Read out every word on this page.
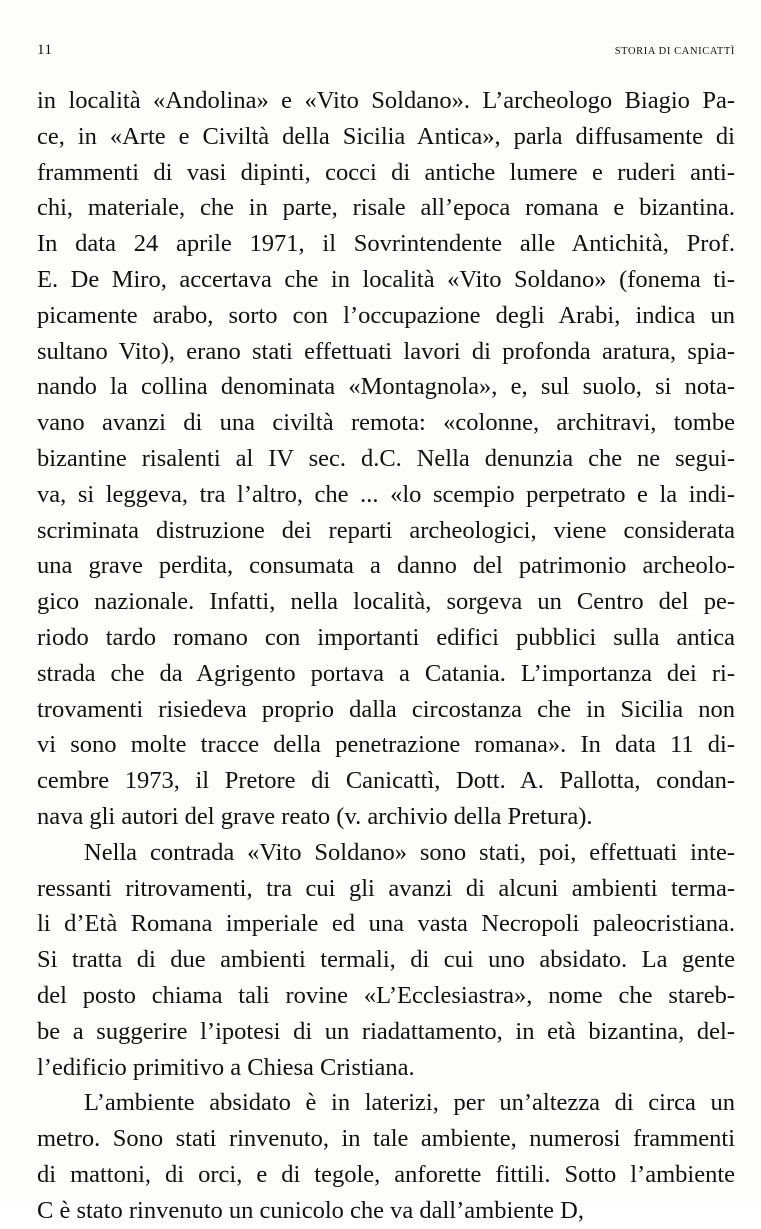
11	STORIA DI CANICATTÌ
in località «Andolina» e «Vito Soldano». L’archeologo Biagio Pa-
ce, in «Arte e Civiltà della Sicilia Antica», parla diffusamente di
frammenti di vasi dipinti, cocci di antiche lumere e ruderi anti-
chi, materiale, che in parte, risale all’epoca romana e bizantina.
In data 24 aprile 1971, il Sovrintendente alle Antichità, Prof.
E. De Miro, accertava che in località «Vito Soldano» (fonema ti-
picamente arabo, sorto con l’occupazione degli Arabi, indica un
sultano Vito), erano stati effettuati lavori di profonda aratura, spia-
nando la collina denominata «Montagnola», e, sul suolo, si nota-
vano avanzi di una civiltà remota: «colonne, architravi, tombe
bizantine risalenti al IV sec. d.C. Nella denunzia che ne segui-
va, si leggeva, tra l’altro, che ... «lo scempio perpetrato e la indi-
scriminata distruzione dei reparti archeologici, viene considerata
una grave perdita, consumata a danno del patrimonio archeolo-
gico nazionale. Infatti, nella località, sorgeva un Centro del pe-
riodo tardo romano con importanti edifici pubblici sulla antica
strada che da Agrigento portava a Catania. L’importanza dei ri-
trovamenti risiedeva proprio dalla circostanza che in Sicilia non
vi sono molte tracce della penetrazione romana». In data 11 di-
cembre 1973, il Pretore di Canicattì, Dott. A. Pallotta, condan-
nava gli autori del grave reato (v. archivio della Pretura).
Nella contrada «Vito Soldano» sono stati, poi, effettuati inte-
ressanti ritrovamenti, tra cui gli avanzi di alcuni ambienti terma-
li d’Età Romana imperiale ed una vasta Necropoli paleocristiana.
Si tratta di due ambienti termali, di cui uno absidato. La gente
del posto chiama tali rovine «L’Ecclesiastra», nome che stareb-
be a suggerire l’ipotesi di un riadattamento, in età bizantina, del-
l’edificio primitivo a Chiesa Cristiana.
L’ambiente absidato è in laterizi, per un’altezza di circa un
metro. Sono stati rinvenuto, in tale ambiente, numerosi frammenti
di mattoni, di orci, e di tegole, anforette fittili. Sotto l’ambiente
C è stato rinvenuto un cunicolo che va dall’ambiente D,
